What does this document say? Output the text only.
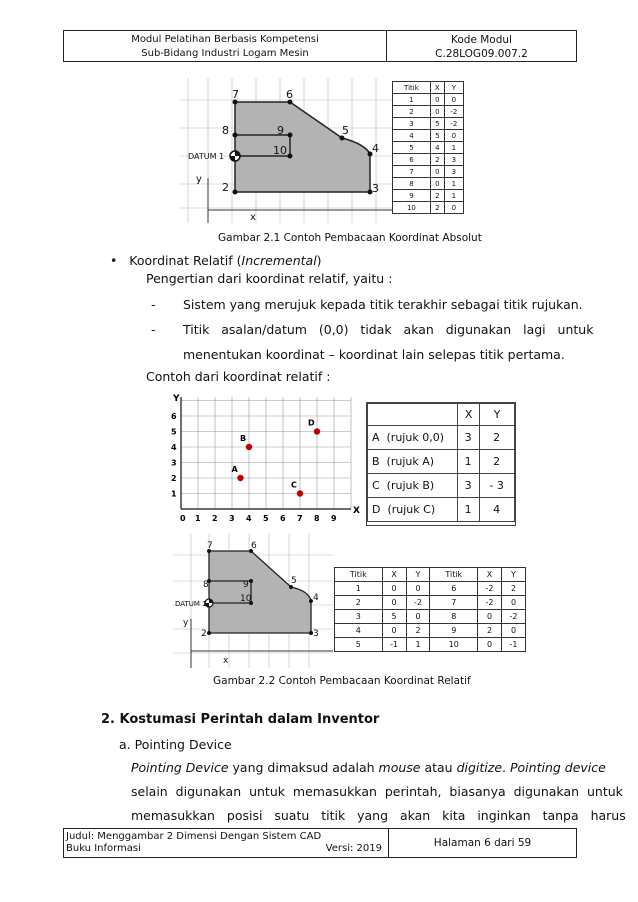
Modul Pelatihan Berbasis Kompetensi
Sub-Bidang Industri Logam Mesin
Kode Modul
C.28LOG09.007.2
7	6
5
4
3
2
8	9
10
DATUM 1
y
x
Titik	X	Y
1	0	0
2	0	-2
3	5	-2
4	5	0
5	4	1
6	2	3
7	0	3
8	0	1
9	2	1
10	2	0
Gambar 2.1 Contoh Pembacaan Koordinat Absolut
• Koordinat Relatif (Incremental)
Pengertian dari koordinat relatif, yaitu :
- Sistem yang merujuk kepada titik terakhir sebagai titik rujukan.
- Titik   asalan/datum   (0,0)   tidak   akan   digunakan   lagi   untuk
menentukan koordinat – koordinat lain selepas titik pertama.
Contoh dari koordinat relatif :
Y
X
0 1 2 3 4 5 6 7 8 9
1
2
3
4
5
6
A
B
C
D
	X	Y
A  (rujuk 0,0)	3	2
B  (rujuk A)	1	2
C  (rujuk B)	3	- 3
D  (rujuk C)	1	4
7	6
5
4
3
2
8	9
10
DATUM 1
y
x
Titik	X	Y	Titik	X	Y
1	0	0	6	-2	2
2	0	-2	7	-2	0
3	5	0	8	0	-2
4	0	2	9	2	0
5	-1	1	10	0	-1
Gambar 2.2 Contoh Pembacaan Koordinat Relatif
2. Kostumasi Perintah dalam Inventor
a. Pointing Device
Pointing Device yang dimaksud adalah mouse atau digitize. Pointing device
selain  digunakan  untuk  memasukkan  perintah,  biasanya  digunakan  untuk
memasukkan   posisi   suatu   titik   yang   akan   kita   inginkan   tanpa   harus
Judul: Menggambar 2 Dimensi Dengan Sistem CAD
Buku Informasi	Versi: 2019	Halaman 6 dari 59
